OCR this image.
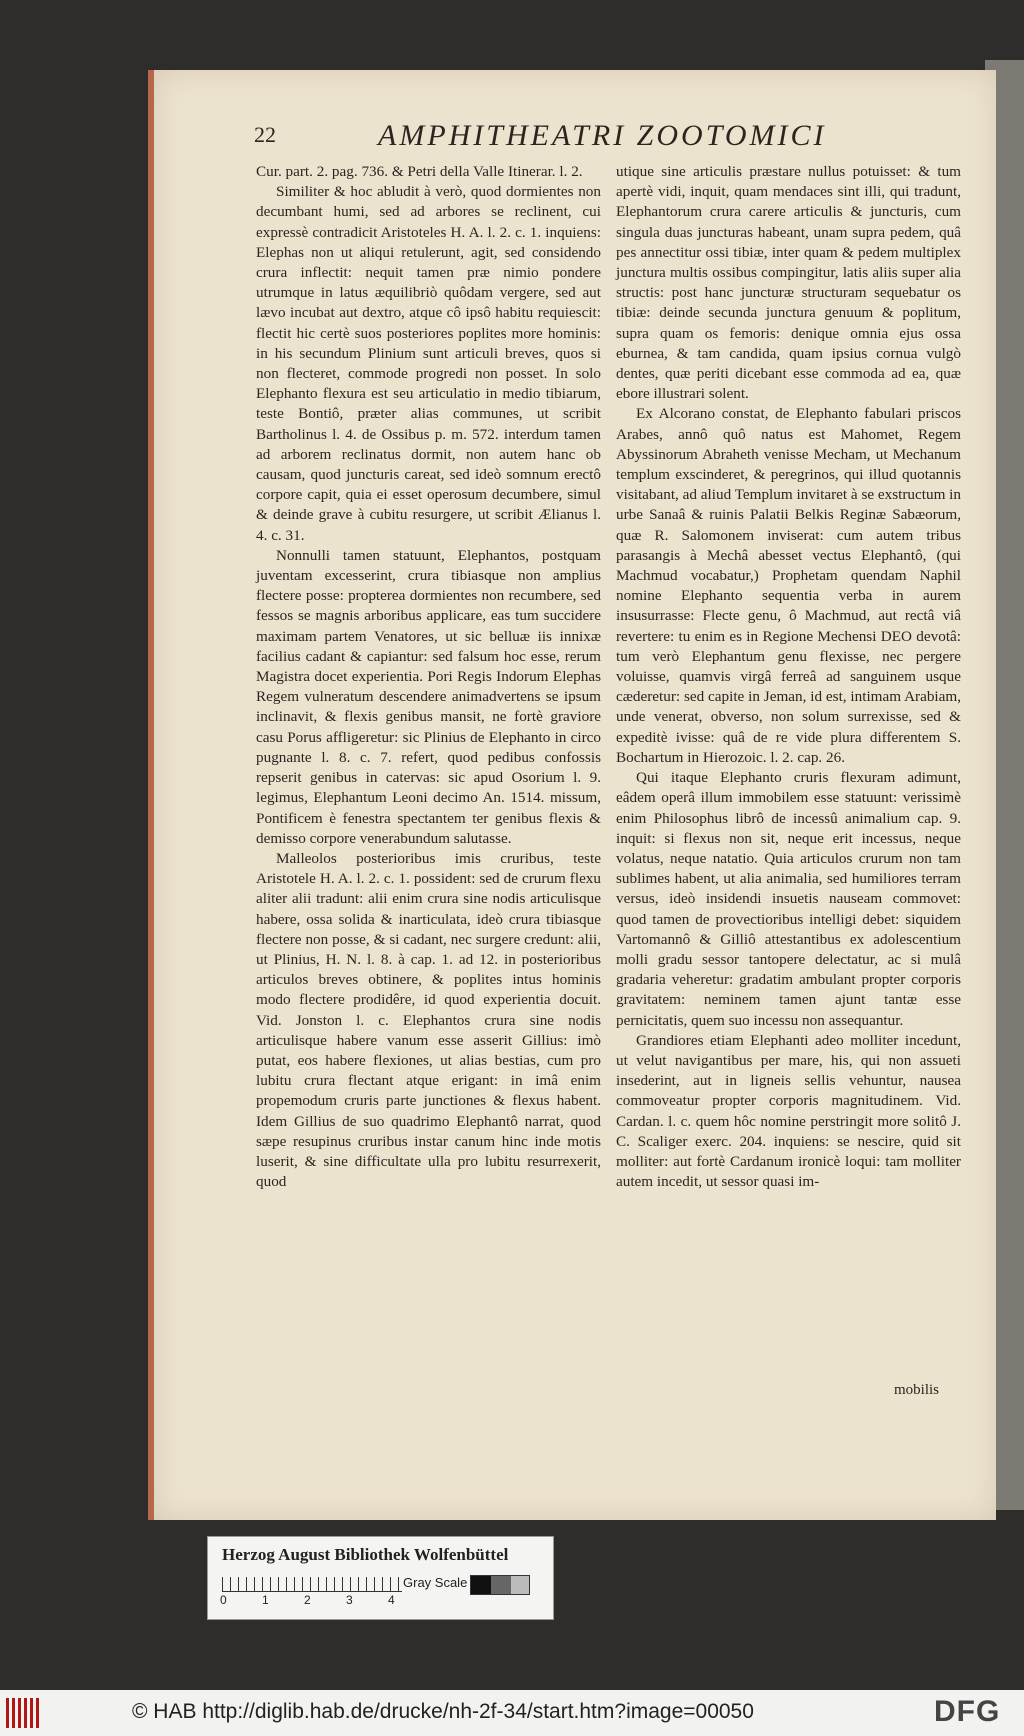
22	AMPHITHEATRI ZOOTOMICI

Cur. part. 2. pag. 736. & Petri della Valle Itinerar. l. 2.

Similiter & hoc abludit à verò, quod dormientes non decumbant humi, sed ad arbores se reclinent, cui expressè contradicit Aristoteles H. A. l. 2. c. 1. inquiens: Elephas non ut aliqui retulerunt, agit, sed considendo crura inflectit: nequit tamen præ nimio pondere utrumque in latus æquilibriò quôdam vergere, sed aut lævo incubat aut dextro, atque cô ipsô habitu requiescit: flectit hic certè suos posteriores poplites more hominis: in his secundum Plinium sunt articuli breves, quos si non flecteret, commode progredi non posset. In solo Elephanto flexura est seu articulatio in medio tibiarum, teste Bontiô, præter alias communes, ut scribit Bartholinus l. 4. de Ossibus p. m. 572. interdum tamen ad arborem reclinatus dormit, non autem hanc ob causam, quod juncturis careat, sed ideò somnum erectô corpore capit, quia ei esset operosum decumbere, simul & deinde grave à cubitu resurgere, ut scribit Ælianus l. 4. c. 31.

Nonnulli tamen statuunt, Elephantos, postquam juventam excesserint, crura tibiasque non amplius flectere posse: propterea dormientes non recumbere, sed fessos se magnis arboribus applicare, eas tum succidere maximam partem Venatores, ut sic belluæ iis innixæ facilius cadant & capiantur: sed falsum hoc esse, rerum Magistra docet experientia. Pori Regis Indorum Elephas Regem vulneratum descendere animadvertens se ipsum inclinavit, & flexis genibus mansit, ne fortè graviore casu Porus affligeretur: sic Plinius de Elephanto in circo pugnante l. 8. c. 7. refert, quod pedibus confossis repserit genibus in catervas: sic apud Osorium l. 9. legimus, Elephantum Leoni decimo An. 1514. missum, Pontificem è fenestra spectantem ter genibus flexis & demisso corpore venerabundum salutasse.

Malleolos posterioribus imis cruribus, teste Aristotele H. A. l. 2. c. 1. possident: sed de crurum flexu aliter alii tradunt: alii enim crura sine nodis articulisque habere, ossa solida & inarticulata, ideò crura tibiasque flectere non posse, & si cadant, nec surgere credunt: alii, ut Plinius, H. N. l. 8. à cap. 1. ad 12. in posterioribus articulos breves obtinere, & poplites intus hominis modo flectere prodidêre, id quod experientia docuit. Vid. Jonston l. c. Elephantos crura sine nodis articulisque habere vanum esse asserit Gillius: imò putat, eos habere flexiones, ut alias bestias, cum pro lubitu crura flectant atque erigant: in imâ enim propemodum cruris parte junctiones & flexus habent. Idem Gillius de suo quadrimo Elephantô narrat, quod sæpe resupinus cruribus instar canum hinc inde motis luserit, & sine difficultate ulla pro lubitu resurrexerit, quod

utique sine articulis præstare nullus potuisset: & tum apertè vidi, inquit, quam mendaces sint illi, qui tradunt, Elephantorum crura carere articulis & juncturis, cum singula duas juncturas habeant, unam supra pedem, quâ pes annectitur ossi tibiæ, inter quam & pedem multiplex junctura multis ossibus compingitur, latis aliis super alia structis: post hanc juncturæ structuram sequebatur os tibiæ: deinde secunda junctura genuum & poplitum, supra quam os femoris: denique omnia ejus ossa eburnea, & tam candida, quam ipsius cornua vulgò dentes, quæ periti dicebant esse commoda ad ea, quæ ebore illustrari solent.

Ex Alcorano constat, de Elephanto fabulari priscos Arabes, annô quô natus est Mahomet, Regem Abyssinorum Abraheth venisse Mecham, ut Mechanum templum exscinderet, & peregrinos, qui illud quotannis visitabant, ad aliud Templum invitaret à se exstructum in urbe Sanaâ & ruinis Palatii Belkis Reginæ Sabæorum, quæ R. Salomonem inviserat: cum autem tribus parasangis à Mechâ abesset vectus Elephantô, (qui Machmud vocabatur,) Prophetam quendam Naphil nomine Elephanto sequentia verba in aurem insusurrasse: Flecte genu, ô Machmud, aut rectâ viâ revertere: tu enim es in Regione Mechensi DEO devotâ: tum verò Elephantum genu flexisse, nec pergere voluisse, quamvis virgâ ferreâ ad sanguinem usque cæderetur: sed capite in Jeman, id est, intimam Arabiam, unde venerat, obverso, non solum surrexisse, sed & expeditè ivisse: quâ de re vide plura differentem S. Bochartum in Hierozoic. l. 2. cap. 26.

Qui itaque Elephanto cruris flexuram adimunt, eâdem operâ illum immobilem esse statuunt: verissimè enim Philosophus librô de incessû animalium cap. 9. inquit: si flexus non sit, neque erit incessus, neque volatus, neque natatio. Quia articulos crurum non tam sublimes habent, ut alia animalia, sed humiliores terram versus, ideò insidendi insuetis nauseam commovet: quod tamen de provectioribus intelligi debet: siquidem Vartomannô & Gilliô attestantibus ex adolescentium molli gradu sessor tantopere delectatur, ac si mulâ gradaria veheretur: gradatim ambulant propter corporis gravitatem: neminem tamen ajunt tantæ esse pernicitatis, quem suo incessu non assequantur.

Grandiores etiam Elephanti adeo molliter incedunt, ut velut navigantibus per mare, his, qui non assueti insederint, aut in ligneis sellis vehuntur, nausea commoveatur propter corporis magnitudinem. Vid. Cardan. l. c. quem hôc nomine perstringit more solitô J. C. Scaliger exerc. 204. inquiens: se nescire, quid sit molliter: aut fortè Cardanum ironicè loqui: tam molliter autem incedit, ut sessor quasi im-

mobilis
Herzog August Bibliothek Wolfenbüttel
0	1	2	3	4
Gray Scale
© HAB http://diglib.hab.de/drucke/nh-2f-34/start.htm?image=00050	DFG
